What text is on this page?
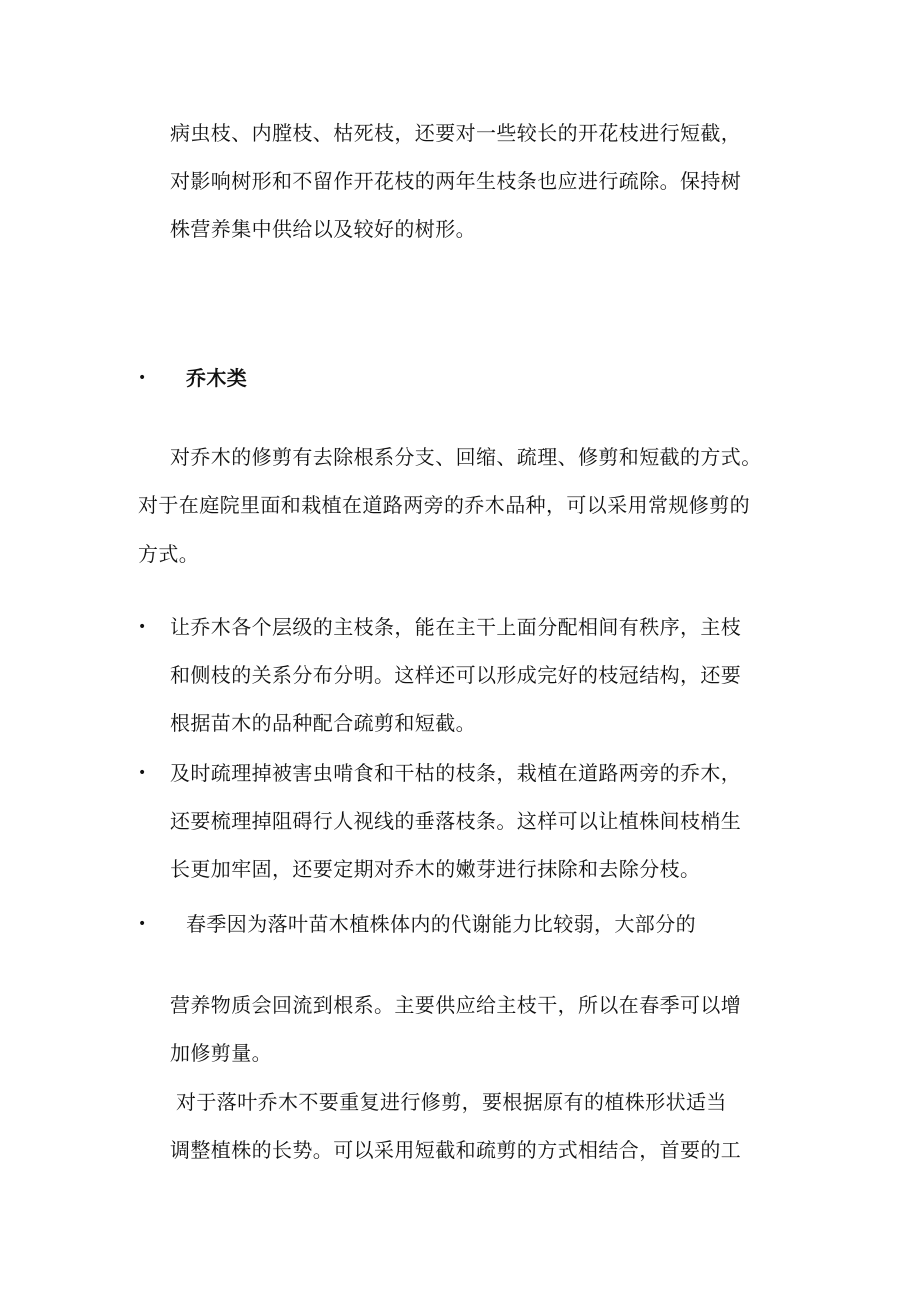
病虫枝、内膛枝、枯死枝，还要对一些较长的开花枝进行短截，
对影响树形和不留作开花枝的两年生枝条也应进行疏除。保持树
株营养集中供给以及较好的树形。
• 乔木类
对乔木的修剪有去除根系分支、回缩、疏理、修剪和短截的方式。
对于在庭院里面和栽植在道路两旁的乔木品种，可以采用常规修剪的
方式。
• 让乔木各个层级的主枝条，能在主干上面分配相间有秩序，主枝
和侧枝的关系分布分明。这样还可以形成完好的枝冠结构，还要
根据苗木的品种配合疏剪和短截。
• 及时疏理掉被害虫啃食和干枯的枝条，栽植在道路两旁的乔木，
还要梳理掉阻碍行人视线的垂落枝条。这样可以让植株间枝梢生
长更加牢固，还要定期对乔木的嫩芽进行抹除和去除分枝。
• 春季因为落叶苗木植株体内的代谢能力比较弱，大部分的
营养物质会回流到根系。主要供应给主枝干，所以在春季可以增
加修剪量。
对于落叶乔木不要重复进行修剪，要根据原有的植株形状适当
调整植株的长势。可以采用短截和疏剪的方式相结合，首要的工
